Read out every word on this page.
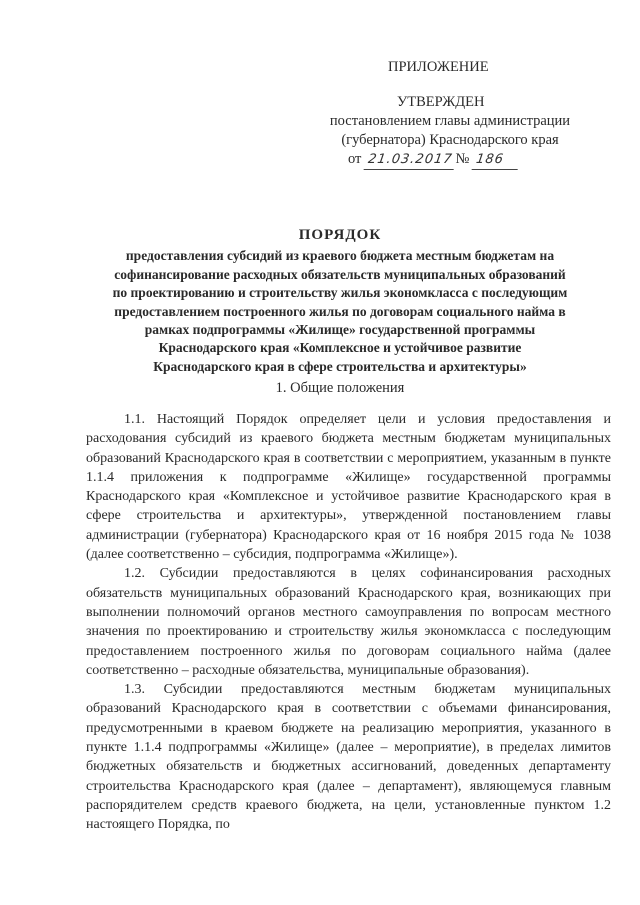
ПРИЛОЖЕНИЕ
УТВЕРЖДЕН
постановлением главы администрации
(губернатора) Краснодарского края
от 21.03.2017 № 186
ПОРЯДОК
предоставления субсидий из краевого бюджета местным бюджетам на
софинансирование расходных обязательств муниципальных образований
по проектированию и строительству жилья экономкласса с последующим
предоставлением построенного жилья по договорам социального найма в
рамках подпрограммы «Жилище» государственной программы
Краснодарского края «Комплексное и устойчивое развитие
Краснодарского края в сфере строительства и архитектуры»
1. Общие положения

1.1. Настоящий Порядок определяет цели и условия предоставления и расходования субсидий из краевого бюджета местным бюджетам муниципальных образований Краснодарского края в соответствии с мероприятием, указанным в пункте 1.1.4 приложения к подпрограмме «Жилище» государственной программы Краснодарского края «Комплексное и устойчивое развитие Краснодарского края в сфере строительства и архитектуры», утвержденной постановлением главы администрации (губернатора) Краснодарского края от 16 ноября 2015 года № 1038 (далее соответственно – субсидия, подпрограмма «Жилище»).

1.2. Субсидии предоставляются в целях софинансирования расходных обязательств муниципальных образований Краснодарского края, возникающих при выполнении полномочий органов местного самоуправления по вопросам местного значения по проектированию и строительству жилья экономкласса с последующим предоставлением построенного жилья по договорам социального найма (далее соответственно – расходные обязательства, муниципальные образования).

1.3. Субсидии предоставляются местным бюджетам муниципальных образований Краснодарского края в соответствии с объемами финансирования, предусмотренными в краевом бюджете на реализацию мероприятия, указанного в пункте 1.1.4 подпрограммы «Жилище» (далее – мероприятие), в пределах лимитов бюджетных обязательств и бюджетных ассигнований, доведенных департаменту строительства Краснодарского края (далее – департамент), являющемуся главным распорядителем средств краевого бюджета, на цели, установленные пунктом 1.2 настоящего Порядка, по
